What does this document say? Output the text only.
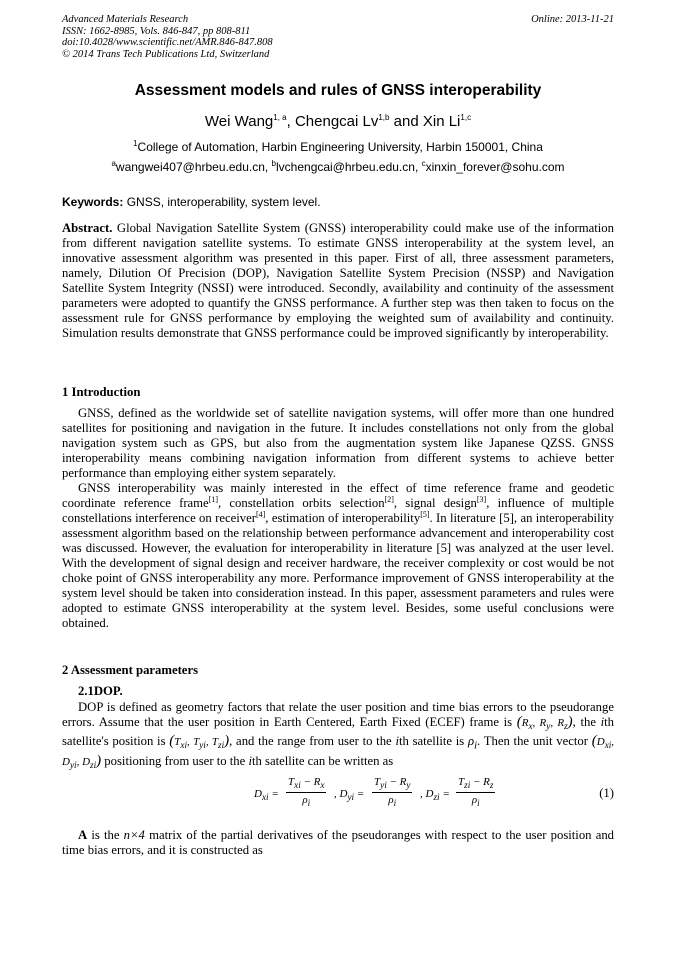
Advanced Materials Research
ISSN: 1662-8985, Vols. 846-847, pp 808-811
doi:10.4028/www.scientific.net/AMR.846-847.808
© 2014 Trans Tech Publications Ltd, Switzerland
Online: 2013-11-21
Assessment models and rules of GNSS interoperability
Wei Wang$^{1, a}$, Chengcai Lv$^{1,b}$ and Xin Li$^{1,c}$
$^1$College of Automation, Harbin Engineering University, Harbin 150001, China
$^a$wangwei407@hrbeu.edu.cn, $^b$lvchengcai@hrbeu.edu.cn, $^c$xinxin_forever@sohu.com
Keywords: GNSS, interoperability, system level.

Abstract. Global Navigation Satellite System (GNSS) interoperability could make use of the information from different navigation satellite systems. To estimate GNSS interoperability at the system level, an innovative assessment algorithm was presented in this paper. First of all, three assessment parameters, namely, Dilution Of Precision (DOP), Navigation Satellite System Precision (NSSP) and Navigation Satellite System Integrity (NSSI) were introduced. Secondly, availability and continuity of the assessment parameters were adopted to quantify the GNSS performance. A further step was then taken to focus on the assessment rule for GNSS performance by employing the weighted sum of availability and continuity. Simulation results demonstrate that GNSS performance could be improved significantly by interoperability.

1 Introduction

GNSS, defined as the worldwide set of satellite navigation systems, will offer more than one hundred satellites for positioning and navigation in the future. It includes constellations not only from the global navigation system such as GPS, but also from the augmentation system like Japanese QZSS. GNSS interoperability means combining navigation information from different systems to achieve better performance than employing either system separately.

GNSS interoperability was mainly interested in the effect of time reference frame and geodetic coordinate reference frame[1], constellation orbits selection[2], signal design[3], influence of multiple constellations interference on receiver[4], estimation of interoperability[5]. In literature [5], an interoperability assessment algorithm based on the relationship between performance advancement and interoperability cost was discussed. However, the evaluation for interoperability in literature [5] was analyzed at the user level. With the development of signal design and receiver hardware, the receiver complexity or cost would be not choke point of GNSS interoperability any more. Performance improvement of GNSS interoperability at the system level should be taken into consideration instead. In this paper, assessment parameters and rules were adopted to estimate GNSS interoperability at the system level. Besides, some useful conclusions were obtained.

2 Assessment parameters
2.1DOP.

DOP is defined as geometry factors that relate the user position and time bias errors to the pseudorange errors. Assume that the user position in Earth Centered, Earth Fixed (ECEF) frame is ($R_x$, $R_y$, $R_z$), the ith satellite's position is ($T_{xi}$, $T_{yi}$, $T_{zi}$), and the range from user to the ith satellite is $\rho_i$. Then the unit vector ($D_{xi}$, $D_{yi}$, $D_{zi}$) positioning from user to the ith satellite can be written as

$D_{xi}$ =
$T_{xi} - R_x$
$\rho_i$
, $D_{yi}$ =
$T_{yi} - R_y$
$\rho_i$
, $D_{zi}$ =
$T_{zi} - R_z$
$\rho_i$
(1)

A is the n×4 matrix of the partial derivatives of the pseudoranges with respect to the user position and time bias errors, and it is constructed as
